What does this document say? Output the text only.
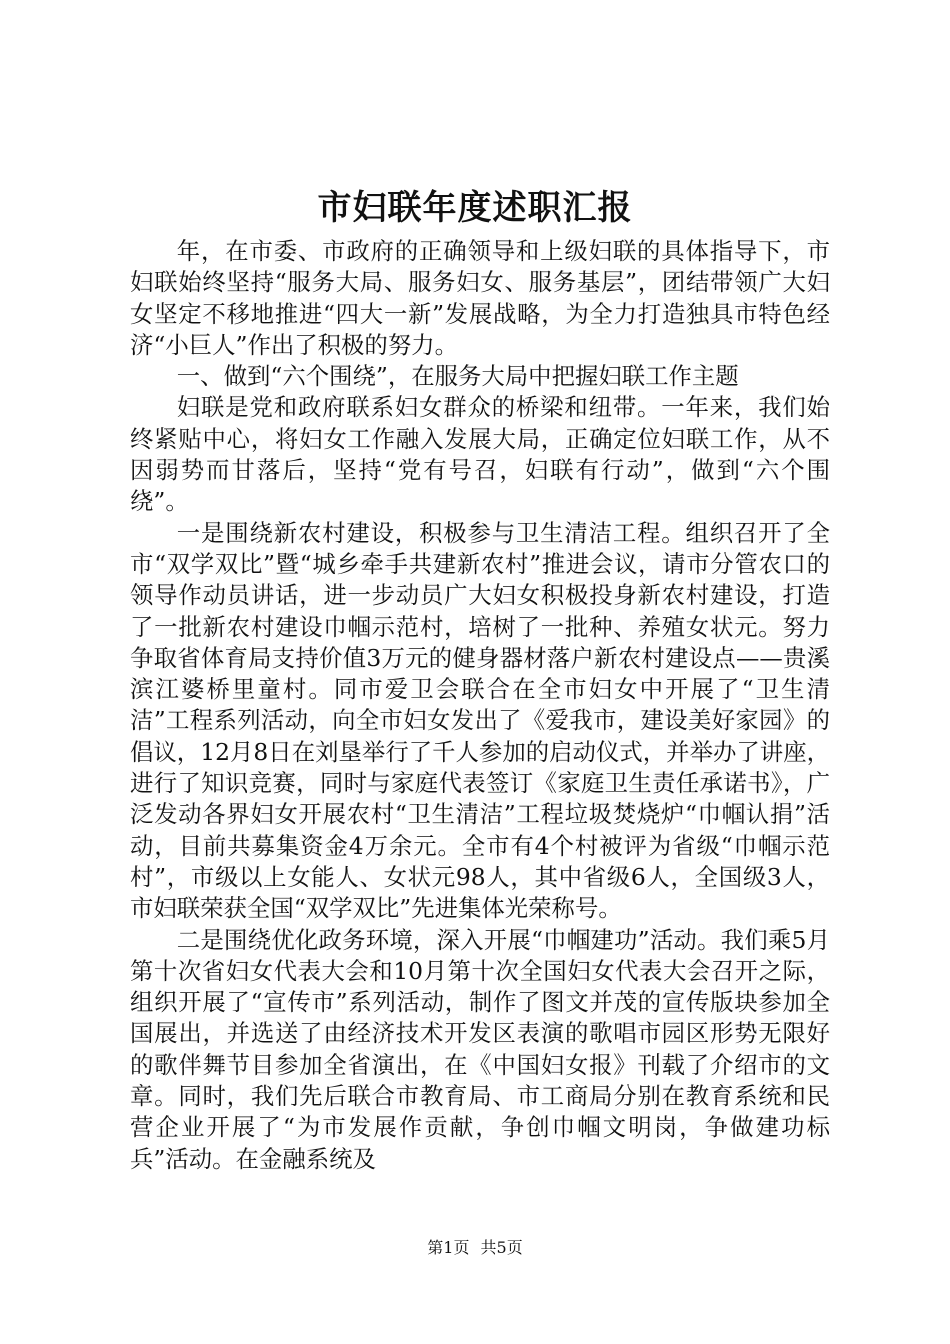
市妇联年度述职汇报

年，在市委、市政府的正确领导和上级妇联的具体指导下，市妇联始终坚持“服务大局、服务妇女、服务基层”，团结带领广大妇女坚定不移地推进“四大一新”发展战略，为全力打造独具市特色经济“小巨人”作出了积极的努力。

一、做到“六个围绕”，在服务大局中把握妇联工作主题

妇联是党和政府联系妇女群众的桥梁和纽带。一年来，我们始终紧贴中心，将妇女工作融入发展大局，正确定位妇联工作，从不因弱势而甘落后，坚持“党有号召，妇联有行动”，做到“六个围绕”。

一是围绕新农村建设，积极参与卫生清洁工程。组织召开了全市“双学双比”暨“城乡牵手共建新农村”推进会议，请市分管农口的领导作动员讲话，进一步动员广大妇女积极投身新农村建设，打造了一批新农村建设巾帼示范村，培树了一批种、养殖女状元。努力争取省体育局支持价值3万元的健身器材落户新农村建设点——贵溪滨江婆桥里童村。同市爱卫会联合在全市妇女中开展了“卫生清洁”工程系列活动，向全市妇女发出了《爱我市，建设美好家园》的倡议，12月8日在刘垦举行了千人参加的启动仪式，并举办了讲座，进行了知识竞赛，同时与家庭代表签订《家庭卫生责任承诺书》，广泛发动各界妇女开展农村“卫生清洁”工程垃圾焚烧炉“巾帼认捐”活动，目前共募集资金4万余元。全市有4个村被评为省级“巾帼示范村”，市级以上女能人、女状元98人，其中省级6人，全国级3人，市妇联荣获全国“双学双比”先进集体光荣称号。

二是围绕优化政务环境，深入开展“巾帼建功”活动。我们乘5月第十次省妇女代表大会和10月第十次全国妇女代表大会召开之际，组织开展了“宣传市”系列活动，制作了图文并茂的宣传版块参加全国展出，并选送了由经济技术开发区表演的歌唱市园区形势无限好的歌伴舞节目参加全省演出，在《中国妇女报》刊载了介绍市的文章。同时，我们先后联合市教育局、市工商局分别在教育系统和民营企业开展了“为市发展作贡献，争创巾帼文明岗，争做建功标兵”活动。在金融系统及

第1页 共5页
